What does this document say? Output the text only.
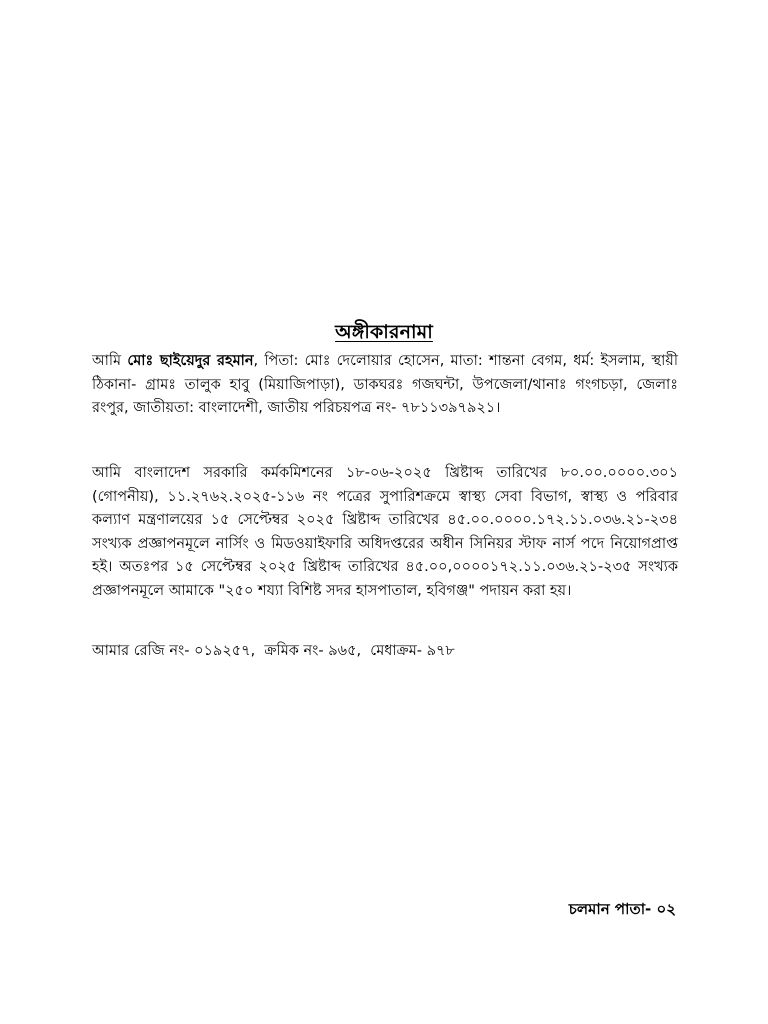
অঙ্গীকারনামা
আমি মোঃ ছাইয়েদুর রহমান, পিতা: মোঃ দেলোয়ার হোসেন, মাতা: শান্তনা বেগম, ধর্ম: ইসলাম, স্থায়ী ঠিকানা- গ্রামঃ তালুক হাবু (মিয়াজিপাড়া), ডাকঘরঃ গজঘন্টা, উপজেলা/থানাঃ গংগচড়া, জেলাঃ রংপুর, জাতীয়তা: বাংলাদেশী, জাতীয় পরিচয়পত্র নং- ৭৮১১৩৯৭৯২১।
আমি বাংলাদেশ সরকারি কর্মকমিশনের ১৮-০৬-২০২৫ খ্রিষ্টাব্দ তারিখের ৮০.০০.০০০০.৩০১ (গোপনীয়), ১১.২৭৬২.২০২৫-১১৬ নং পত্রের সুপারিশক্রমে স্বাস্থ্য সেবা বিভাগ, স্বাস্থ্য ও পরিবার কল্যাণ মন্ত্রণালয়ের ১৫ সেপ্টেম্বর ২০২৫ খ্রিষ্টাব্দ তারিখের ৪৫.০০.০০০০.১৭২.১১.০৩৬.২১-২৩৪ সংখ্যক প্রজ্ঞাপনমূলে নার্সিং ও মিডওয়াইফারি অধিদপ্তরের অধীন সিনিয়র স্টাফ নার্স পদে নিয়োগপ্রাপ্ত হই। অতঃপর ১৫ সেপ্টেম্বর ২০২৫ খ্রিষ্টাব্দ তারিখের ৪৫.০০,০০০০১৭২.১১.০৩৬.২১-২৩৫ সংখ্যক প্রজ্ঞাপনমূলে আমাকে "২৫০ শয্যা বিশিষ্ট সদর হাসপাতাল, হবিগঞ্জ" পদায়ন করা হয়।
আমার রেজি নং- ০১৯২৫৭,  ক্রমিক নং- ৯৬৫,  মেধাক্রম- ৯৭৮
চলমান পাতা- ০২
